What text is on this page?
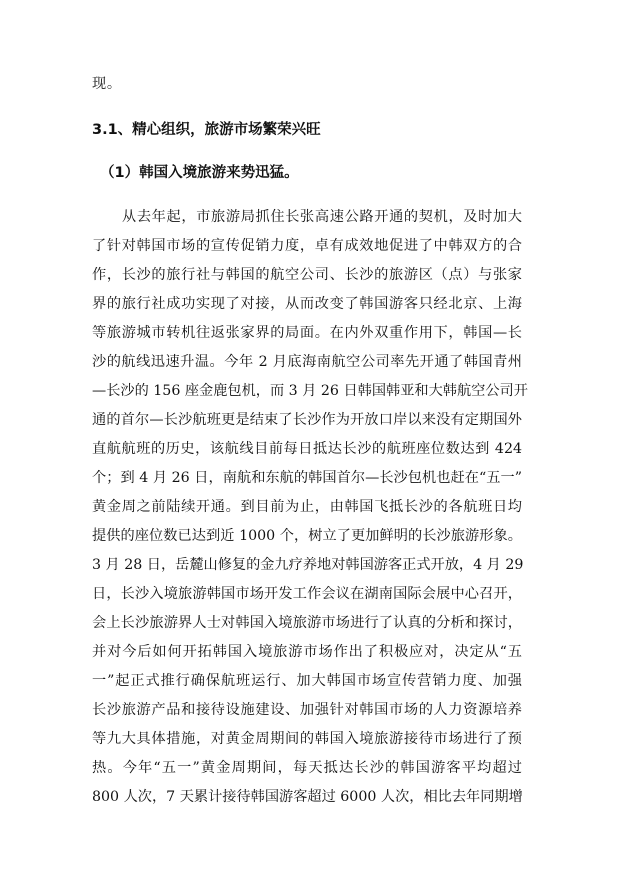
现。
3.1、精心组织，旅游市场繁荣兴旺
（1）韩国入境旅游来势迅猛。
从去年起，市旅游局抓住长张高速公路开通的契机，及时加大
了针对韩国市场的宣传促销力度，卓有成效地促进了中韩双方的合
作，长沙的旅行社与韩国的航空公司、长沙的旅游区（点）与张家
界的旅行社成功实现了对接，从而改变了韩国游客只经北京、上海
等旅游城市转机往返张家界的局面。在内外双重作用下，韩国—长
沙的航线迅速升温。今年 2 月底海南航空公司率先开通了韩国青州
—长沙的 156 座金鹿包机，而 3 月 26 日韩国韩亚和大韩航空公司开
通的首尔—长沙航班更是结束了长沙作为开放口岸以来没有定期国外
直航航班的历史，该航线目前每日抵达长沙的航班座位数达到 424
个；到 4 月 26 日，南航和东航的韩国首尔—长沙包机也赶在“五一”
黄金周之前陆续开通。到目前为止，由韩国飞抵长沙的各航班日均
提供的座位数已达到近 1000 个，树立了更加鲜明的长沙旅游形象。
3 月 28 日，岳麓山修复的金九疗养地对韩国游客正式开放，4 月 29
日，长沙入境旅游韩国市场开发工作会议在湖南国际会展中心召开，
会上长沙旅游界人士对韩国入境旅游市场进行了认真的分析和探讨，
并对今后如何开拓韩国入境旅游市场作出了积极应对，决定从“五
一”起正式推行确保航班运行、加大韩国市场宣传营销力度、加强
长沙旅游产品和接待设施建设、加强针对韩国市场的人力资源培养
等九大具体措施，对黄金周期间的韩国入境旅游接待市场进行了预
热。今年“五一”黄金周期间，每天抵达长沙的韩国游客平均超过
800 人次，7 天累计接待韩国游客超过 6000 人次，相比去年同期增
